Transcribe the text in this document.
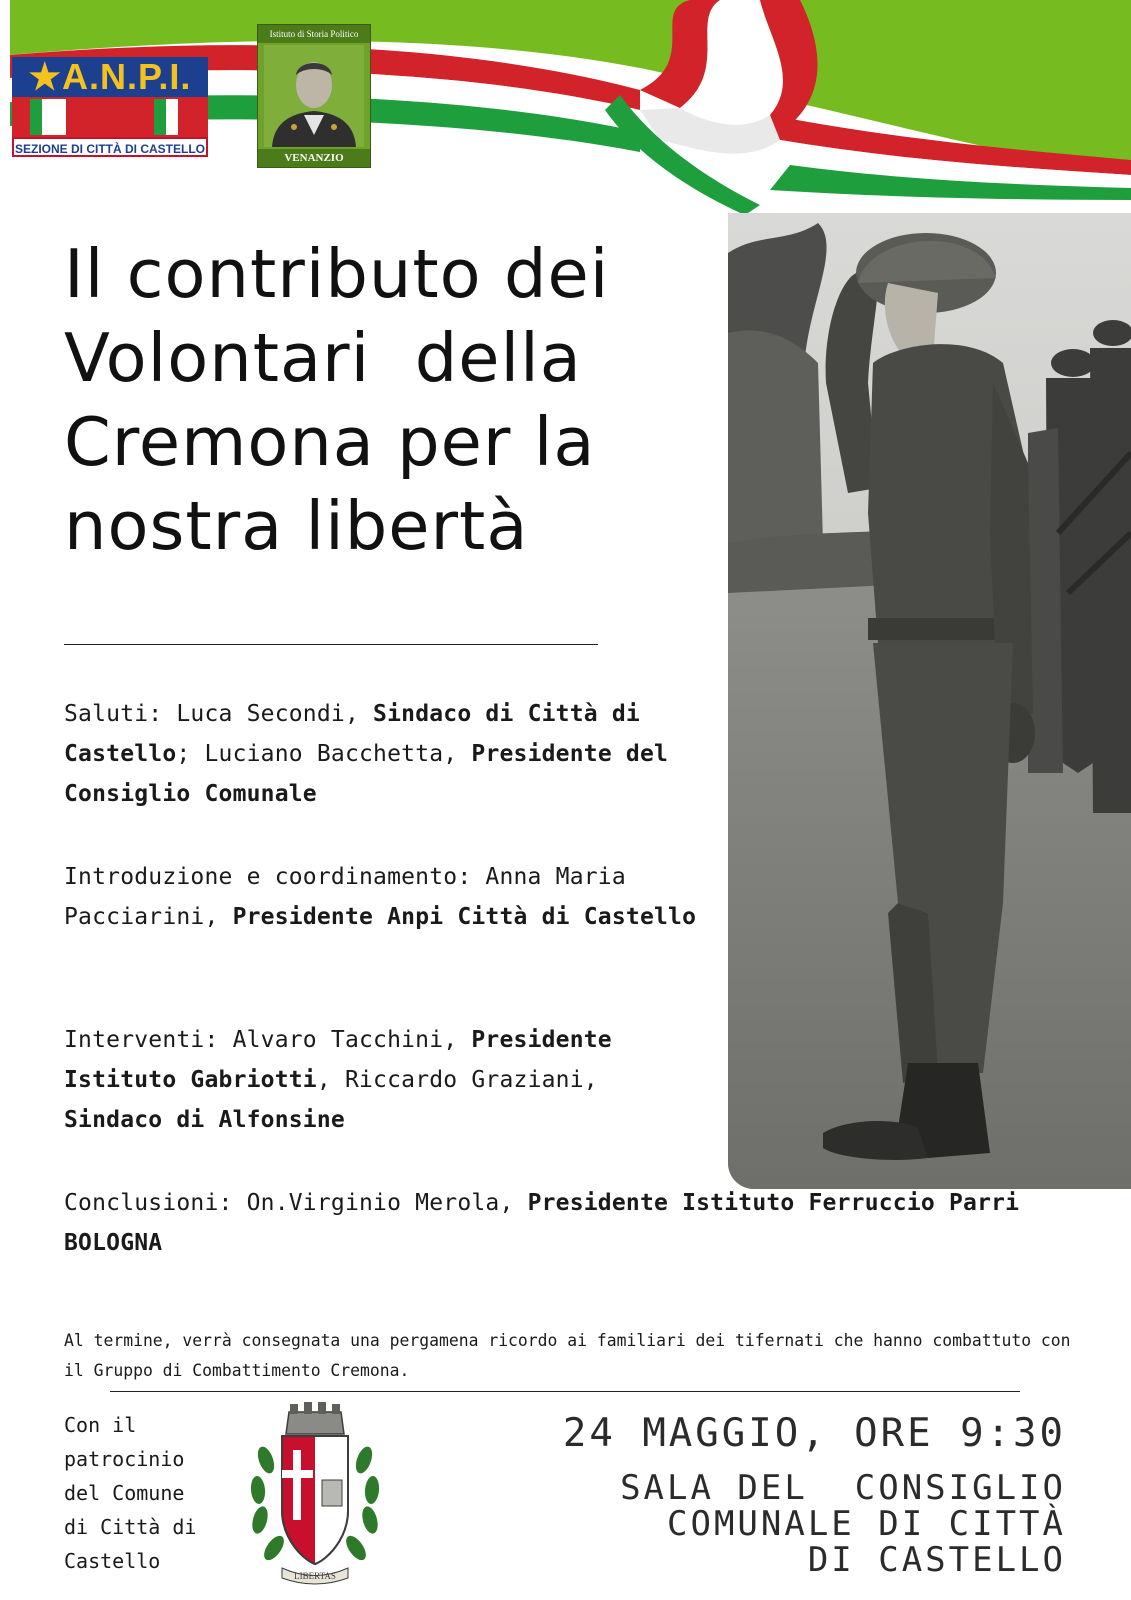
★A.N.P.I.
SEZIONE DI CITTÀ DI CASTELLO
Istituto di Storia Politico
VENANZIO GABRIOTTI
Il contributo dei
Volontari  della
Cremona per la
nostra libertà

Saluti: Luca Secondi, Sindaco di Città di Castello; Luciano Bacchetta, Presidente del Consiglio Comunale

Introduzione e coordinamento: Anna Maria Pacciarini, Presidente Anpi Città di Castello

Interventi: Alvaro Tacchini, Presidente Istituto Gabriotti, Riccardo Graziani, Sindaco di Alfonsine

Conclusioni: On.Virginio Merola, Presidente Istituto Ferruccio Parri BOLOGNA

Al termine, verrà consegnata una pergamena ricordo ai familiari dei tifernati che hanno combattuto con il Gruppo di Combattimento Cremona.

Con il
patrocinio
del Comune
di Città di
Castello

LIBERTAS

24 MAGGIO, ORE 9:30

SALA DEL  CONSIGLIO
COMUNALE DI CITTÀ
DI CASTELLO
